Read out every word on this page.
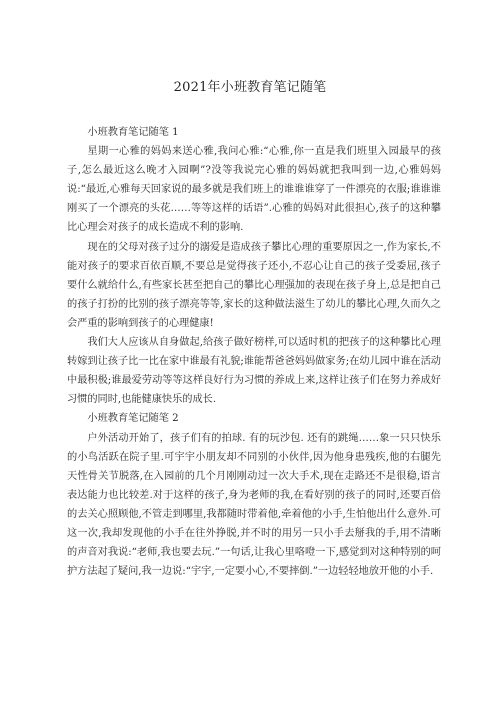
2021年小班教育笔记随笔

小班教育笔记随笔 1

星期一心雅的妈妈来送心雅,我问心雅:“心雅,你一直是我们班里入园最早的孩子,怎么最近这么晚才入园啊”?没等我说完心雅的妈妈就把我叫到一边,心雅妈妈说:“最近,心雅每天回家说的最多就是我们班上的谁谁谁穿了一件漂亮的衣服;谁谁谁刚买了一个漂亮的头花……等等这样的话语”.心雅的妈妈对此很担心,孩子的这种攀比心理会对孩子的成长造成不利的影响.

现在的父母对孩子过分的溺爱是造成孩子攀比心理的重要原因之一,作为家长,不能对孩子的要求百依百顺,不要总是觉得孩子还小,不忍心让自己的孩子受委屈,孩子要什么就给什么,有些家长甚至把自己的攀比心理强加的表现在孩子身上,总是把自己的孩子打扮的比别的孩子漂亮等等,家长的这种做法滋生了幼儿的攀比心理,久而久之会严重的影响到孩子的心理健康!

我们大人应该从自身做起,给孩子做好榜样,可以适时机的把孩子的这种攀比心理转嫁到让孩子比一比在家中谁最有礼貌;谁能帮爸爸妈妈做家务;在幼儿园中谁在活动中最积极;谁最爱劳动等等这样良好行为习惯的养成上来,这样让孩子们在努力养成好习惯的同时,也能健康快乐的成长.

小班教育笔记随笔 2

户外活动开始了，孩子们有的拍球. 有的玩沙包. 还有的跳绳……象一只只快乐的小鸟活跃在院子里.可宇宇小朋友却不同别的小伙伴,因为他身患残疾,他的右腿先天性骨关节脱落,在入园前的几个月刚刚动过一次大手术,现在走路还不是很稳,语言表达能力也比较差.对于这样的孩子,身为老师的我,在看好别的孩子的同时,还要百倍的去关心照顾他,不管走到哪里,我都随时带着他,牵着他的小手,生怕他出什么意外.可这一次,我却发现他的小手在往外挣脱,并不时的用另一只小手去掰我的手,用不清晰的声音对我说:“老师,我也要去玩.”一句话,让我心里咯噔一下,感觉到对这种特别的呵护方法起了疑问,我一边说:“宇宇,一定要小心,不要摔倒.”一边轻轻地放开他的小手.
